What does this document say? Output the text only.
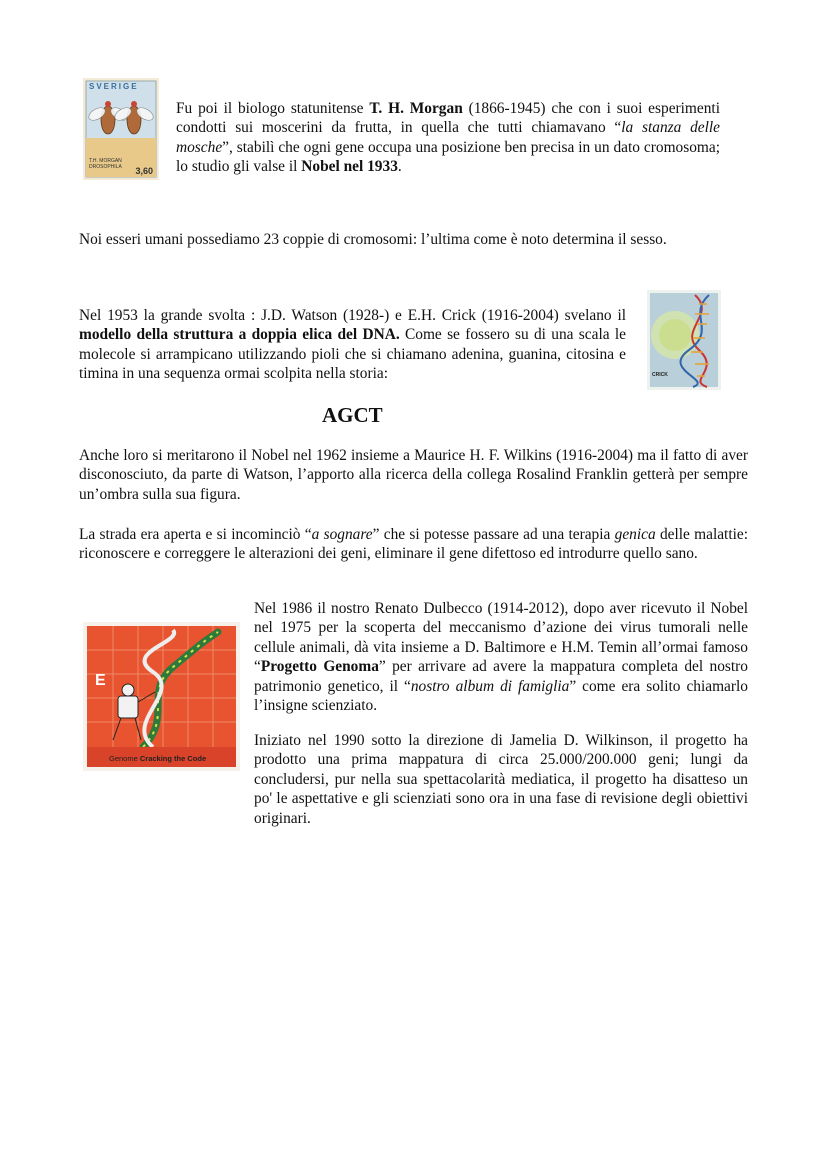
SVERIGE
T.H. MORGAN
DROSOPHILA	3,60

Fu poi il biologo statunitense T. H. Morgan (1866-1945) che con i suoi esperimenti condotti sui moscerini da frutta, in quella che tutti chiamavano “la stanza delle mosche”, stabilì che ogni gene occupa una posizione ben precisa in un dato cromosoma; lo studio gli valse il Nobel nel 1933.

Noi esseri umani possediamo 23 coppie di cromosomi: l’ultima come è noto determina il sesso.

Nel 1953 la grande svolta : J.D. Watson (1928-) e E.H. Crick (1916-2004) svelano il modello della struttura a doppia elica del DNA. Come se fossero su di una scala le molecole si arrampicano utilizzando pioli che si chiamano adenina, guanina, citosina e timina in una sequenza ormai scolpita nella storia:	CRICK
AGCT

Anche loro si meritarono il Nobel nel 1962 insieme a Maurice H. F. Wilkins (1916-2004) ma il fatto di aver disconosciuto, da parte di Watson, l’apporto alla ricerca della collega Rosalind Franklin getterà per sempre un’ombra sulla sua figura.

La strada era aperta e si incominciò “a sognare” che si potesse passare ad una terapia genica delle malattie: riconoscere e correggere le alterazioni dei geni, eliminare il gene difettoso ed introdurre quello sano.

E
Genome Cracking the Code

Nel 1986 il nostro Renato Dulbecco (1914-2012), dopo aver ricevuto il Nobel nel 1975 per la scoperta del meccanismo d’azione dei virus tumorali nelle cellule animali, dà vita insieme a D. Baltimore e H.M. Temin all’ormai famoso “Progetto Genoma” per arrivare ad avere la mappatura completa del nostro patrimonio genetico, il “nostro album di famiglia” come era solito chiamarlo l’insigne scienziato.

Iniziato nel 1990 sotto la direzione di Jamelia D. Wilkinson, il progetto ha prodotto una prima mappatura di circa 25.000/200.000 geni; lungi da concludersi, pur nella sua spettacolarità mediatica, il progetto ha disatteso un po' le aspettative e gli scienziati sono ora in una fase di revisione degli obiettivi originari.
